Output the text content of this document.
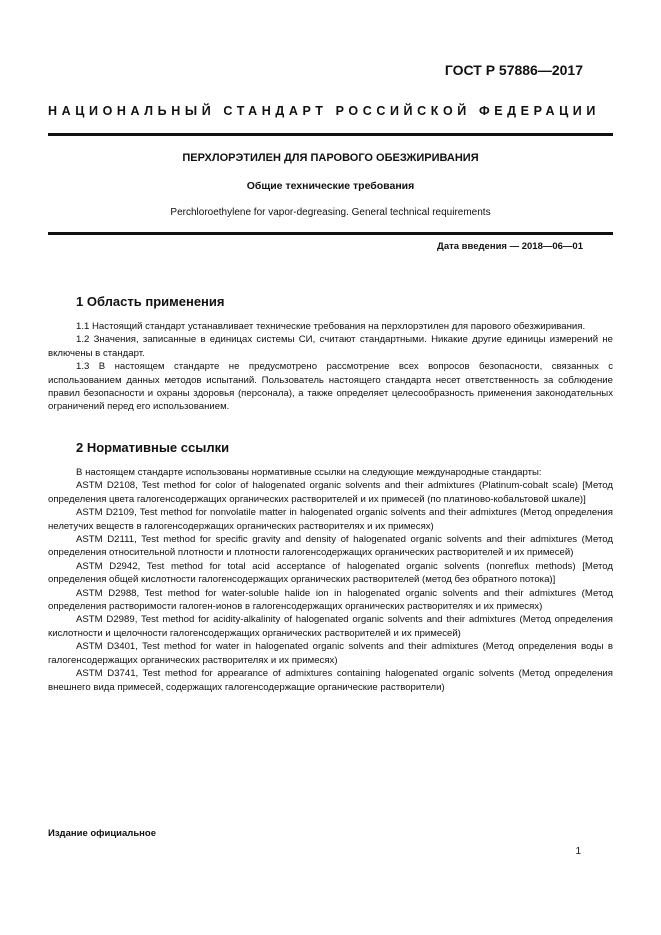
ГОСТ Р 57886—2017
НАЦИОНАЛЬНЫЙ СТАНДАРТ РОССИЙСКОЙ ФЕДЕРАЦИИ
ПЕРХЛОРЭТИЛЕН ДЛЯ ПАРОВОГО ОБЕЗЖИРИВАНИЯ
Общие технические требования
Perchloroethylene for vapor-degreasing. General technical requirements
Дата введения — 2018—06—01
1 Область применения

1.1 Настоящий стандарт устанавливает технические требования на перхлорэтилен для парового обезжиривания.

1.2 Значения, записанные в единицах системы СИ, считают стандартными. Никакие другие единицы измерений не включены в стандарт.

1.3 В настоящем стандарте не предусмотрено рассмотрение всех вопросов безопасности, связанных с использованием данных методов испытаний. Пользователь настоящего стандарта несет ответственность за соблюдение правил безопасности и охраны здоровья (персонала), а также определяет целесообразность применения законодательных ограничений перед его использованием.

2 Нормативные ссылки

В настоящем стандарте использованы нормативные ссылки на следующие международные стандарты:

ASTM D2108, Test method for color of halogenated organic solvents and their admixtures (Platinum-cobalt scale) [Метод определения цвета галогенсодержащих органических растворителей и их примесей (по платиново-кобальтовой шкале)]

ASTM D2109, Test method for nonvolatile matter in halogenated organic solvents and their admixtures (Метод определения нелетучих веществ в галогенсодержащих органических растворителях и их примесях)

ASTM D2111, Test method for specific gravity and density of halogenated organic solvents and their admixtures (Метод определения относительной плотности и плотности галогенсодержащих органических растворителей и их примесей)

ASTM D2942, Test method for total acid acceptance of halogenated organic solvents (nonreflux methods) [Метод определения общей кислотности галогенсодержащих органических растворителей (метод без обратного потока)]

ASTM D2988, Test method for water-soluble halide ion in halogenated organic solvents and their admixtures (Метод определения растворимости галоген-ионов в галогенсодержащих органических растворителях и их примесях)

ASTM D2989, Test method for acidity-alkalinity of halogenated organic solvents and their admixtures (Метод определения кислотности и щелочности галогенсодержащих органических растворителей и их примесей)

ASTM D3401, Test method for water in halogenated organic solvents and their admixtures (Метод определения воды в галогенсодержащих органических растворителях и их примесях)

ASTM D3741, Test method for appearance of admixtures containing halogenated organic solvents (Метод определения внешнего вида примесей, содержащих галогенсодержащие органические растворители)

Издание официальное
1
